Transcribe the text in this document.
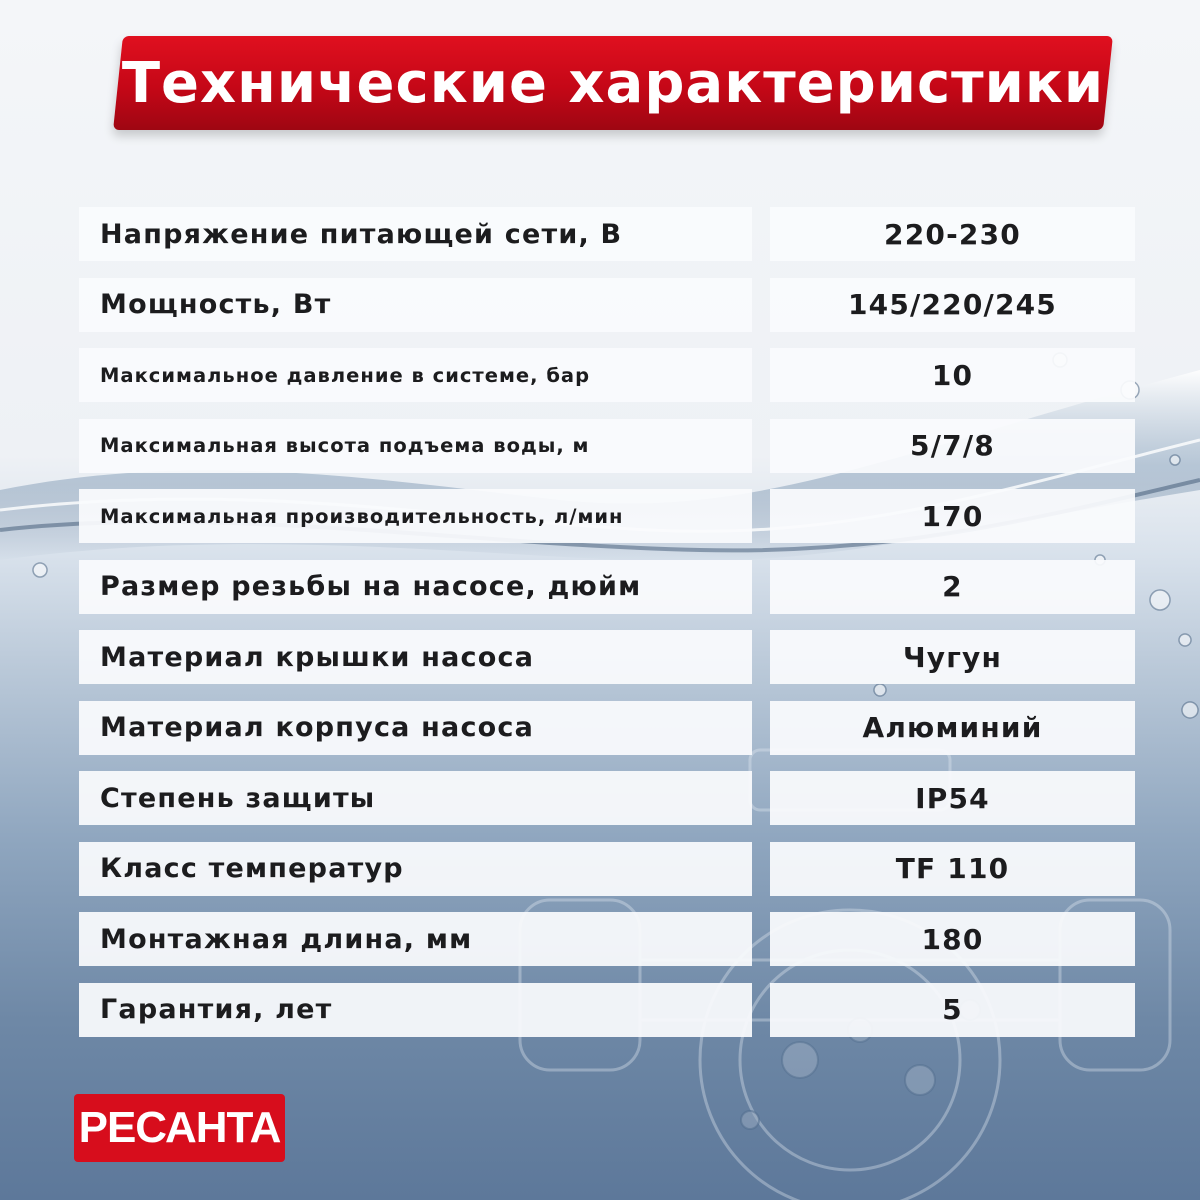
Технические характеристики
Напряжение питающей сети, В	220-230
Мощность, Вт	145/220/245
Максимальное давление в системе, бар	10
Максимальная высота подъема воды, м	5/7/8
Максимальная производительность, л/мин	170
Размер резьбы на насосе, дюйм	2
Материал крышки насоса	Чугун
Материал корпуса насоса	Алюминий
Степень защиты	IP54
Класс температур	TF 110
Монтажная длина, мм	180
Гарантия, лет	5
РЕСАНТА
